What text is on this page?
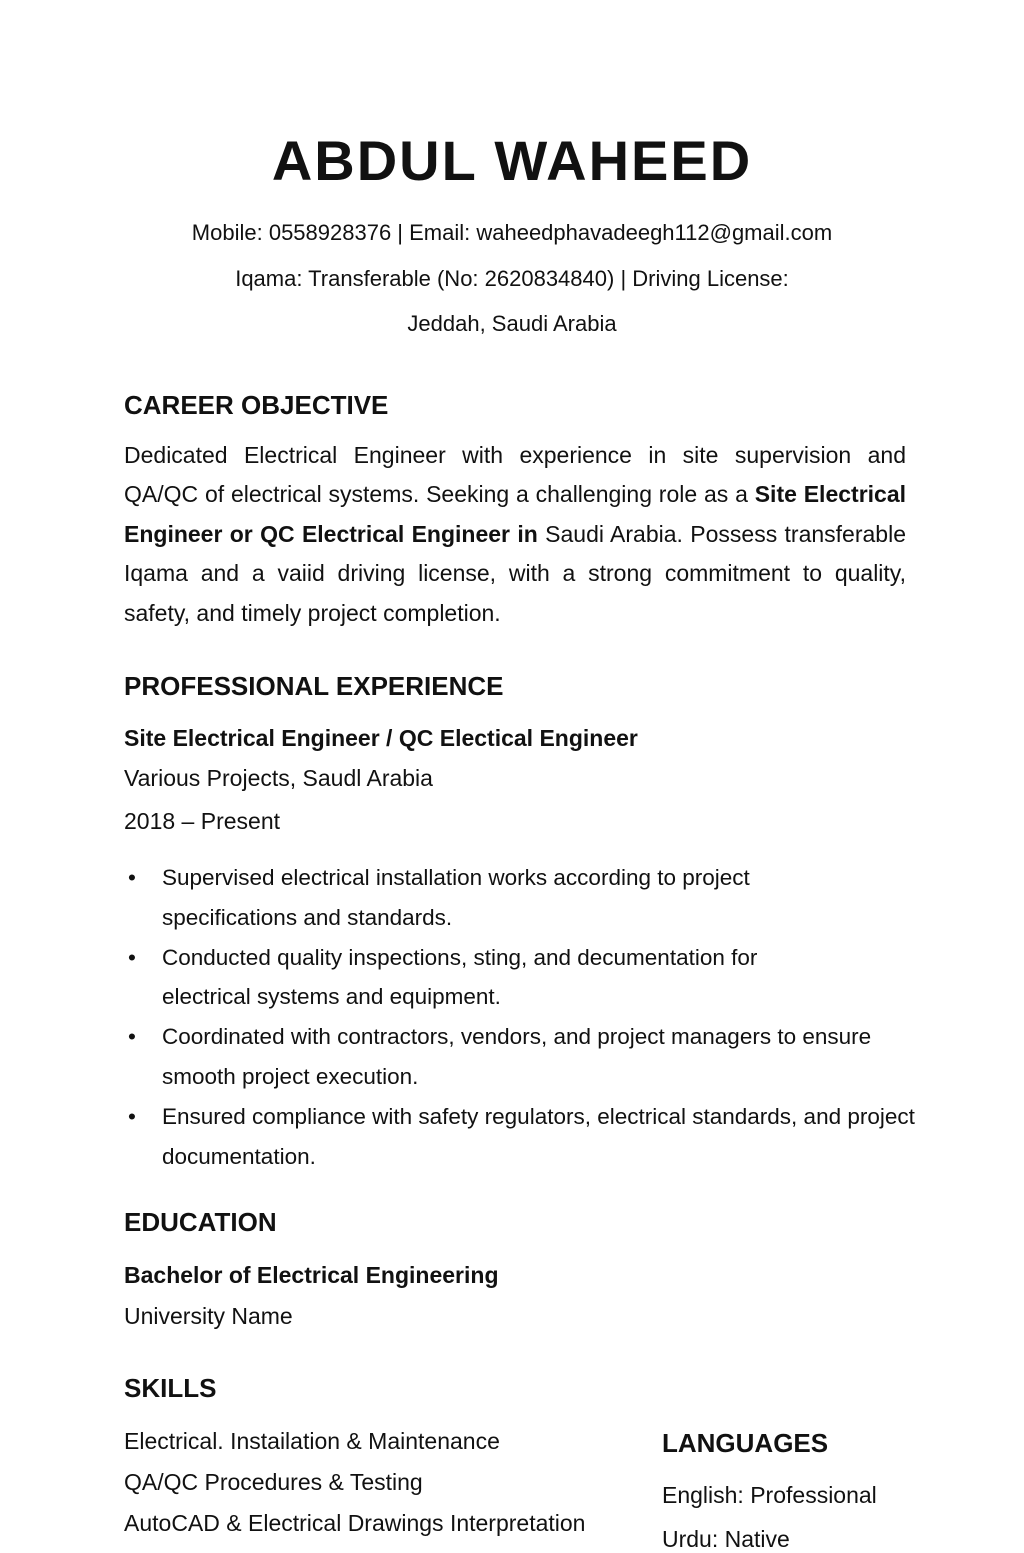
ABDUL WAHEED
Mobile: 0558928376 | Email: waheedphavadeegh112@gmail.com
Iqama: Transferable (No: 2620834840) | Driving License:
Jeddah, Saudi Arabia
CAREER OBJECTIVE
Dedicated Electrical Engineer with experience in site supervision and QA/QC of electrical systems. Seeking a challenging role as a Site Electrical Engineer or QC Electrical Engineer in Saudi Arabia. Possess transferable Iqama and a vaiid driving license, with a strong commitment to quality, safety, and timely project completion.
PROFESSIONAL EXPERIENCE
Site Electrical Engineer / QC Electical Engineer
Various Projects, Saudl Arabia
2018 – Present
• Supervised electrical installation works according to project specifications and standards.
• Conducted quality inspections, sting, and decumentation for electrical systems and equipment.
• Coordinated with contractors, vendors, and project managers to ensure smooth project execution.
• Ensured compliance with safety regulators, electrical standards, and project documentation.
EDUCATION
Bachelor of Electrical Engineering
University Name
SKILLS
Electrical. Instailation & Maintenance
QA/QC Procedures & Testing
AutoCAD & Electrical Drawings Interpretation
LANGUAGES
English: Professional
Urdu: Native
